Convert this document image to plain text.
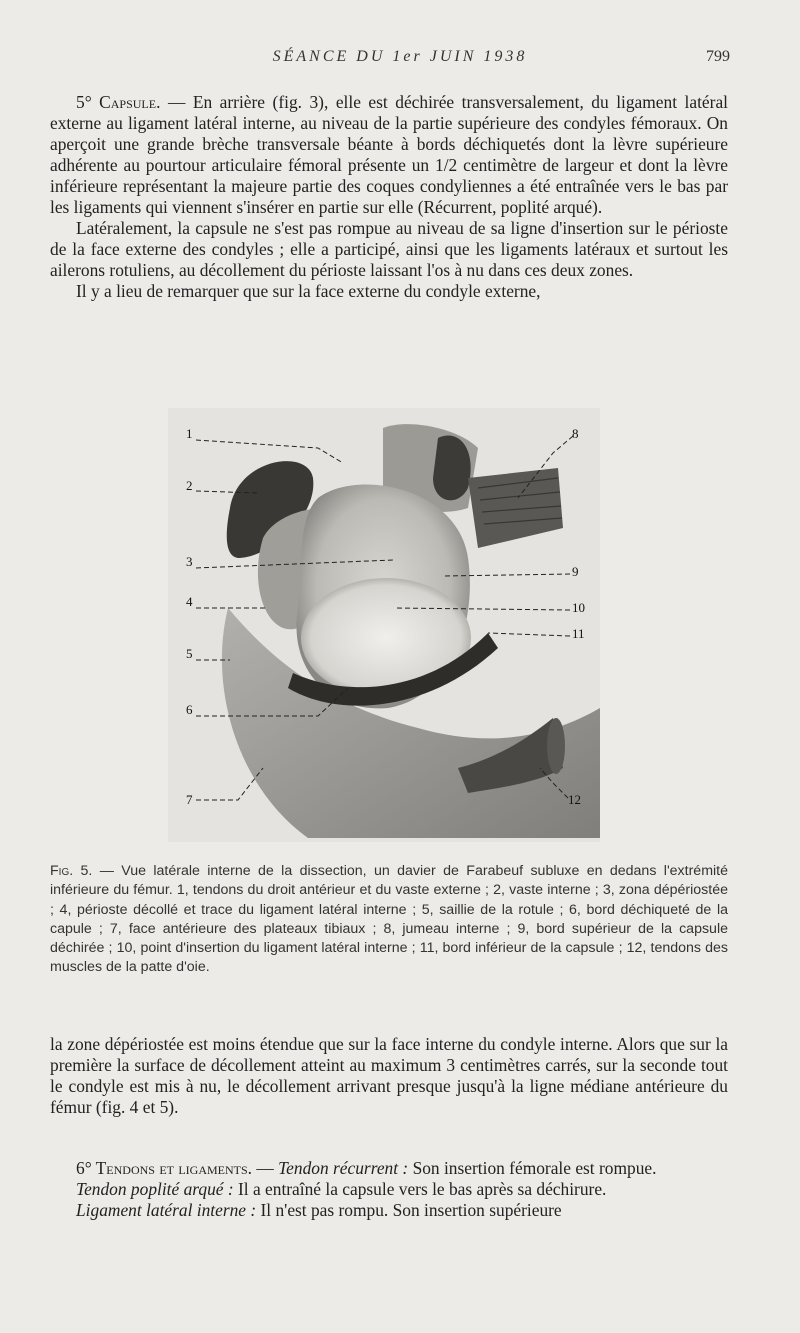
SÉANCE DU 1er JUIN 1938	799

5° Capsule. — En arrière (fig. 3), elle est déchirée transversalement, du ligament latéral externe au ligament latéral interne, au niveau de la partie supérieure des condyles fémoraux. On aperçoit une grande brèche transversale béante à bords déchiquetés dont la lèvre supérieure adhérente au pourtour articulaire fémoral présente un 1/2 centimètre de largeur et dont la lèvre inférieure représentant la majeure partie des coques condyliennes a été entraînée vers le bas par les ligaments qui viennent s'insérer en partie sur elle (Récurrent, poplité arqué).

Latéralement, la capsule ne s'est pas rompue au niveau de sa ligne d'insertion sur le périoste de la face externe des condyles ; elle a participé, ainsi que les ligaments latéraux et surtout les ailerons rotuliens, au décollement du périoste laissant l'os à nu dans ces deux zones.

Il y a lieu de remarquer que sur la face externe du condyle externe,

1
2
3
4
5
6
7
8
9
10
11
12
Fig. 5. — Vue latérale interne de la dissection, un davier de Farabeuf subluxe en dedans l'extrémité inférieure du fémur. 1, tendons du droit antérieur et du vaste externe ; 2, vaste interne ; 3, zona dépériostée ; 4, périoste décollé et trace du ligament latéral interne ; 5, saillie de la rotule ; 6, bord déchiqueté de la capule ; 7, face antérieure des plateaux tibiaux ; 8, jumeau interne ; 9, bord supérieur de la capsule déchirée ; 10, point d'insertion du ligament latéral interne ; 11, bord inférieur de la capsule ; 12, tendons des muscles de la patte d'oie.

la zone dépériostée est moins étendue que sur la face interne du condyle interne. Alors que sur la première la surface de décollement atteint au maximum 3 centimètres carrés, sur la seconde tout le condyle est mis à nu, le décollement arrivant presque jusqu'à la ligne médiane antérieure du fémur (fig. 4 et 5).

6° Tendons et ligaments. — Tendon récurrent : Son insertion fémorale est rompue.

Tendon poplité arqué : Il a entraîné la capsule vers le bas après sa déchirure.

Ligament latéral interne : Il n'est pas rompu. Son insertion supérieure
